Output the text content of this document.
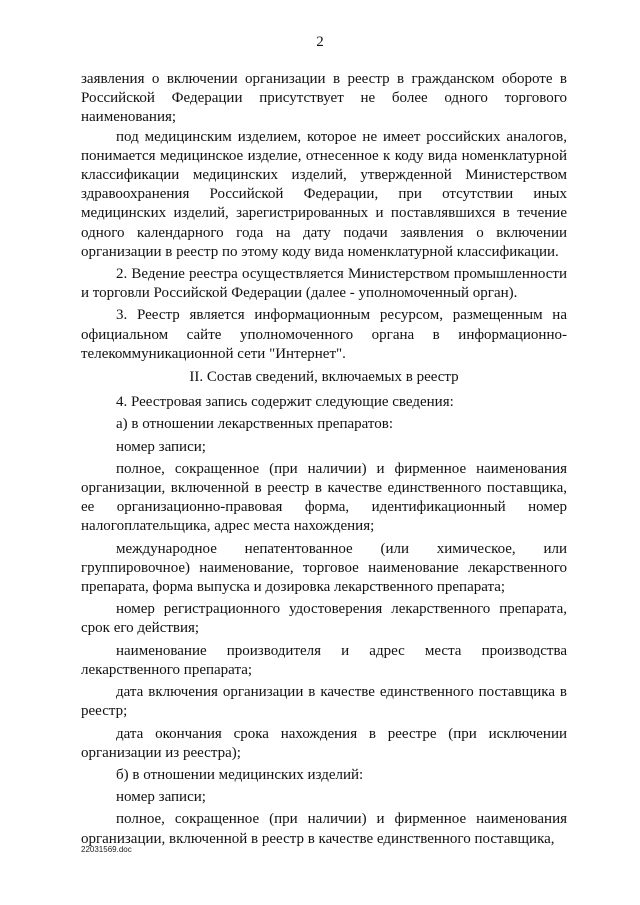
2

заявления о включении организации в реестр в гражданском обороте в Российской Федерации присутствует не более одного торгового наименования;

под медицинским изделием, которое не имеет российских аналогов, понимается медицинское изделие, отнесенное к коду вида номенклатурной классификации медицинских изделий, утвержденной Министерством здравоохранения Российской Федерации, при отсутствии иных медицинских изделий, зарегистрированных и поставлявшихся в течение одного календарного года на дату подачи заявления о включении организации в реестр по этому коду вида номенклатурной классификации.

2. Ведение реестра осуществляется Министерством промышленности и торговли Российской Федерации (далее - уполномоченный орган).

3. Реестр является информационным ресурсом, размещенным на официальном сайте уполномоченного органа в информационно-телекоммуникационной сети "Интернет".

II. Состав сведений, включаемых в реестр

4. Реестровая запись содержит следующие сведения:

а) в отношении лекарственных препаратов:

номер записи;

полное, сокращенное (при наличии) и фирменное наименования организации, включенной в реестр в качестве единственного поставщика, ее организационно-правовая форма, идентификационный номер налогоплательщика, адрес места нахождения;

международное непатентованное (или химическое, или группировочное) наименование, торговое наименование лекарственного препарата, форма выпуска и дозировка лекарственного препарата;

номер регистрационного удостоверения лекарственного препарата, срок его действия;

наименование производителя и адрес места производства лекарственного препарата;

дата включения организации в качестве единственного поставщика в реестр;

дата окончания срока нахождения в реестре (при исключении организации из реестра);

б) в отношении медицинских изделий:

номер записи;

полное, сокращенное (при наличии) и фирменное наименования организации, включенной в реестр в качестве единственного поставщика,

22031569.doc
